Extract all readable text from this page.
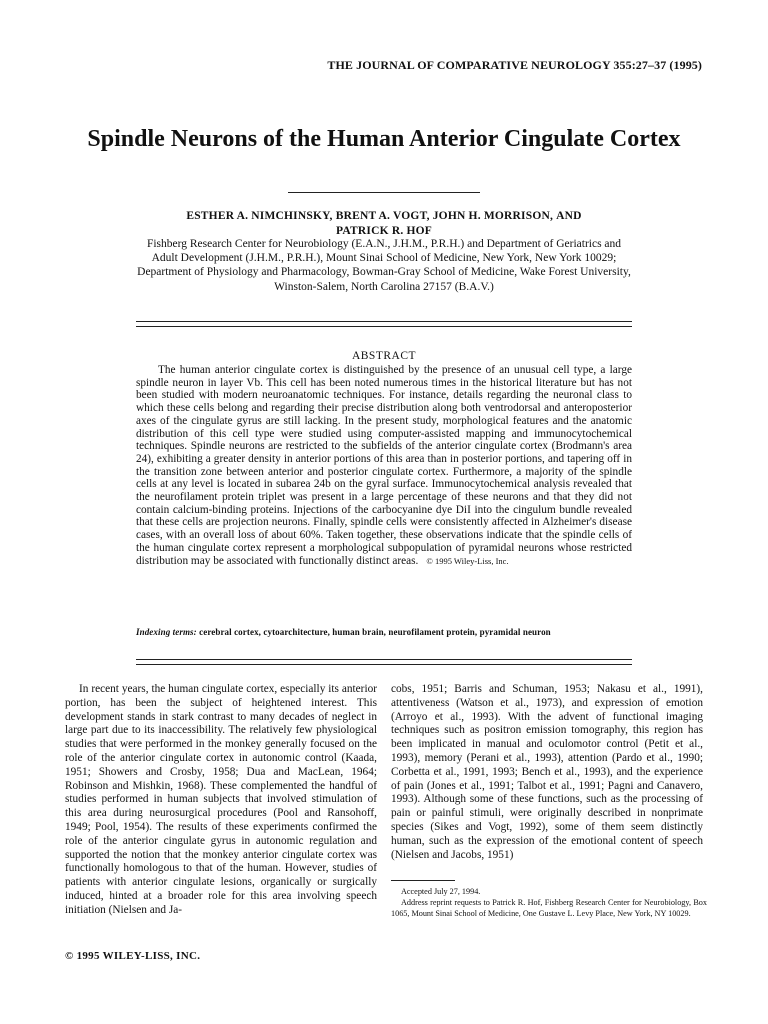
THE JOURNAL OF COMPARATIVE NEUROLOGY 355:27–37 (1995)
Spindle Neurons of the Human Anterior Cingulate Cortex
ESTHER A. NIMCHINSKY, BRENT A. VOGT, JOHN H. MORRISON, AND
PATRICK R. HOF
Fishberg Research Center for Neurobiology (E.A.N., J.H.M., P.R.H.) and Department of Geriatrics and Adult Development (J.H.M., P.R.H.), Mount Sinai School of Medicine, New York, New York 10029; Department of Physiology and Pharmacology, Bowman-Gray School of Medicine, Wake Forest University, Winston-Salem, North Carolina 27157 (B.A.V.)
ABSTRACT
The human anterior cingulate cortex is distinguished by the presence of an unusual cell type, a large spindle neuron in layer Vb. This cell has been noted numerous times in the historical literature but has not been studied with modern neuroanatomic techniques. For instance, details regarding the neuronal class to which these cells belong and regarding their precise distribution along both ventrodorsal and anteroposterior axes of the cingulate gyrus are still lacking. In the present study, morphological features and the anatomic distribution of this cell type were studied using computer-assisted mapping and immunocytochemical techniques. Spindle neurons are restricted to the subfields of the anterior cingulate cortex (Brodmann's area 24), exhibiting a greater density in anterior portions of this area than in posterior portions, and tapering off in the transition zone between anterior and posterior cingulate cortex. Furthermore, a majority of the spindle cells at any level is located in subarea 24b on the gyral surface. Immunocytochemical analysis revealed that the neurofilament protein triplet was present in a large percentage of these neurons and that they did not contain calcium-binding proteins. Injections of the carbocyanine dye DiI into the cingulum bundle revealed that these cells are projection neurons. Finally, spindle cells were consistently affected in Alzheimer's disease cases, with an overall loss of about 60%. Taken together, these observations indicate that the spindle cells of the human cingulate cortex represent a morphological subpopulation of pyramidal neurons whose restricted distribution may be associated with functionally distinct areas. © 1995 Wiley-Liss, Inc.
Indexing terms: cerebral cortex, cytoarchitecture, human brain, neurofilament protein, pyramidal neuron
In recent years, the human cingulate cortex, especially its anterior portion, has been the subject of heightened interest. This development stands in stark contrast to many decades of neglect in large part due to its inaccessibility. The relatively few physiological studies that were performed in the monkey generally focused on the role of the anterior cingulate cortex in autonomic control (Kaada, 1951; Showers and Crosby, 1958; Dua and MacLean, 1964; Robinson and Mishkin, 1968). These complemented the handful of studies performed in human subjects that involved stimulation of this area during neurosurgical procedures (Pool and Ransohoff, 1949; Pool, 1954). The results of these experiments confirmed the role of the anterior cingulate gyrus in autonomic regulation and supported the notion that the monkey anterior cingulate cortex was functionally homologous to that of the human. However, studies of patients with anterior cingulate lesions, organically or surgically induced, hinted at a broader role for this area involving speech initiation (Nielsen and Ja-
cobs, 1951; Barris and Schuman, 1953; Nakasu et al., 1991), attentiveness (Watson et al., 1973), and expression of emotion (Arroyo et al., 1993). With the advent of functional imaging techniques such as positron emission tomography, this region has been implicated in manual and oculomotor control (Petit et al., 1993), memory (Perani et al., 1993), attention (Pardo et al., 1990; Corbetta et al., 1991, 1993; Bench et al., 1993), and the experience of pain (Jones et al., 1991; Talbot et al., 1991; Pagni and Canavero, 1993). Although some of these functions, such as the processing of pain or painful stimuli, were originally described in nonprimate species (Sikes and Vogt, 1992), some of them seem distinctly human, such as the expression of the emotional content of speech (Nielsen and Jacobs, 1951)

Accepted July 27, 1994.

Address reprint requests to Patrick R. Hof, Fishberg Research Center for Neurobiology, Box 1065, Mount Sinai School of Medicine, One Gustave L. Levy Place, New York, NY 10029.

© 1995 WILEY-LISS, INC.
